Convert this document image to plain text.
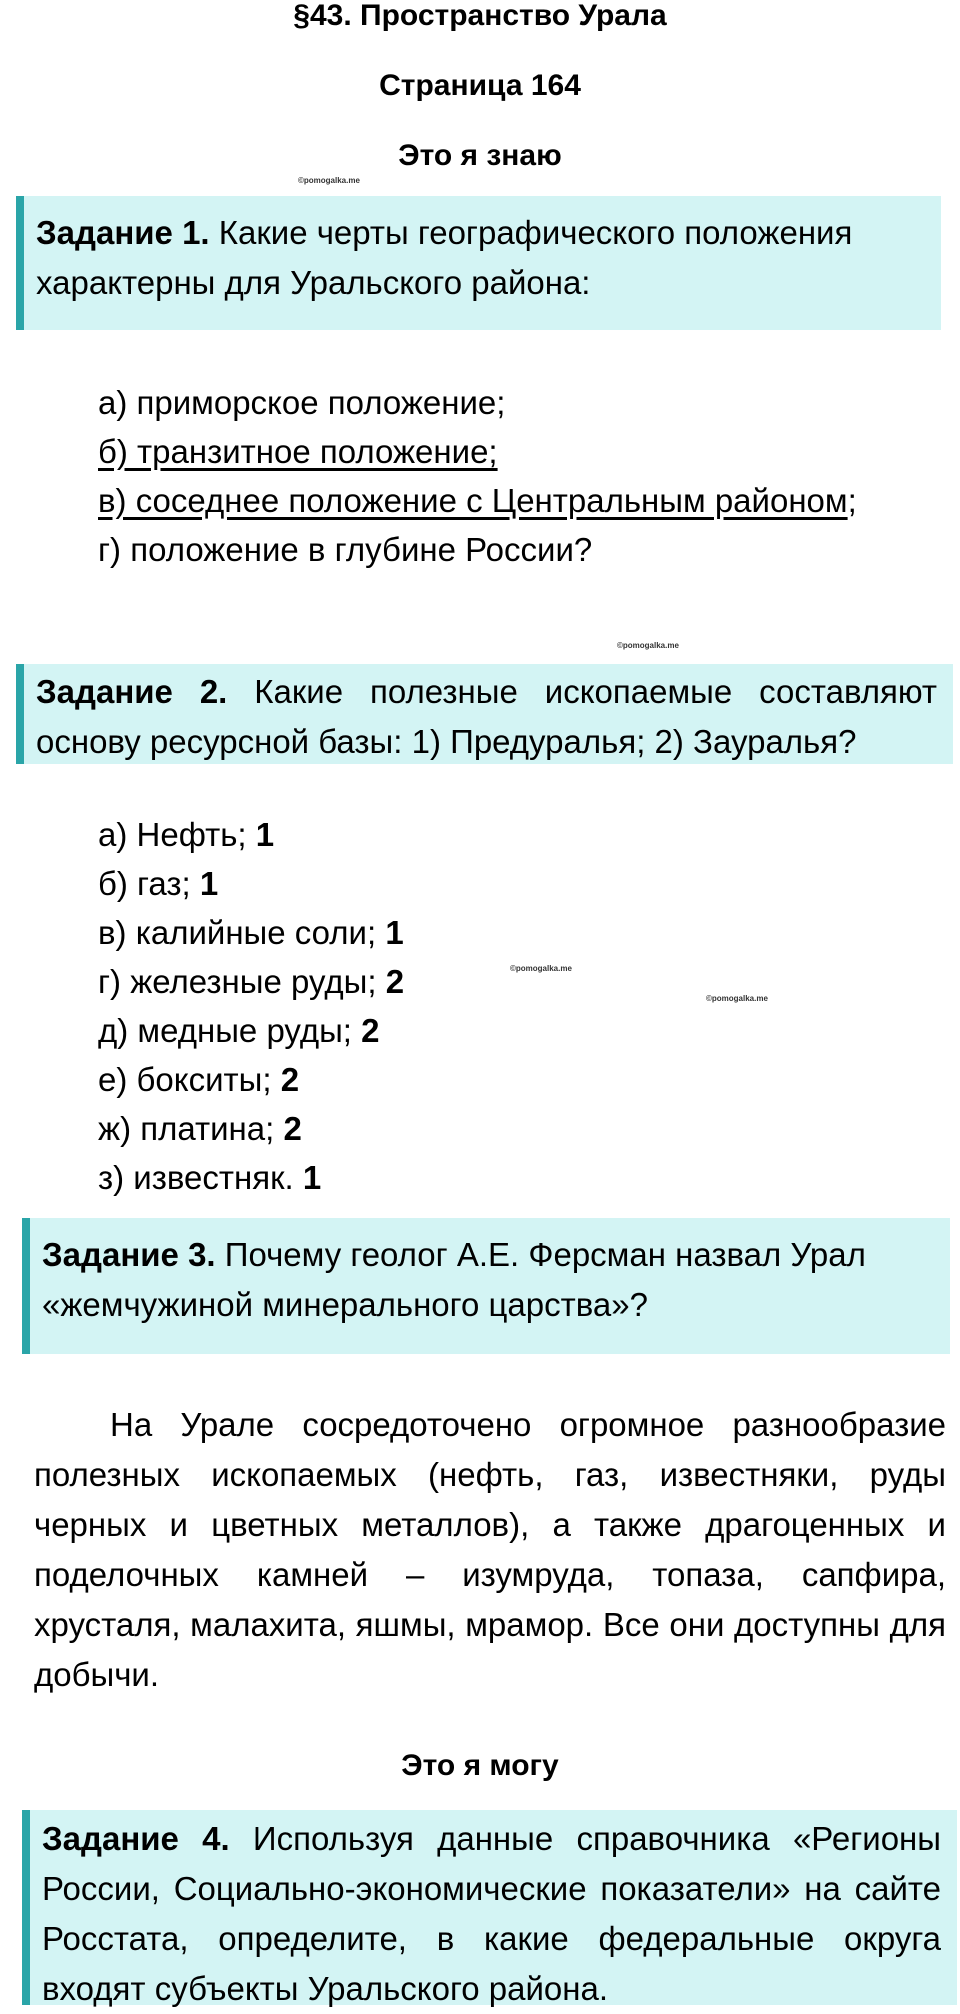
§43. Пространство Урала
Страница 164
Это я знаю
©pomogalka.me
Задание 1. Какие черты географического положения характерны для Уральского района:
а) приморское положение;
б) транзитное положение;
в) соседнее положение с Центральным районом;
г) положение в глубине России?
©pomogalka.me
Задание 2. Какие полезные ископаемые составляют основу ресурсной базы: 1) Предуралья; 2) Зауралья?
а) Нефть; 1
б) газ; 1
в) калийные соли; 1
г) железные руды; 2
д) медные руды; 2
е) бокситы; 2
ж) платина; 2
з) известняк. 1
©pomogalka.me
©pomogalka.me
Задание 3. Почему геолог А.Е. Ферсман назвал Урал «жемчужиной минерального царства»?

На Урале сосредоточено огромное разнообразие полезных ископаемых (нефть, газ, известняки, руды черных и цветных металлов), а также драгоценных и поделочных камней – изумруда, топаза, сапфира, хрусталя, малахита, яшмы, мрамор. Все они доступны для добычи.

Это я могу
Задание 4. Используя данные справочника «Регионы России, Социально-экономические показатели» на сайте Росстата, определите, в какие федеральные округа входят субъекты Уральского района.
